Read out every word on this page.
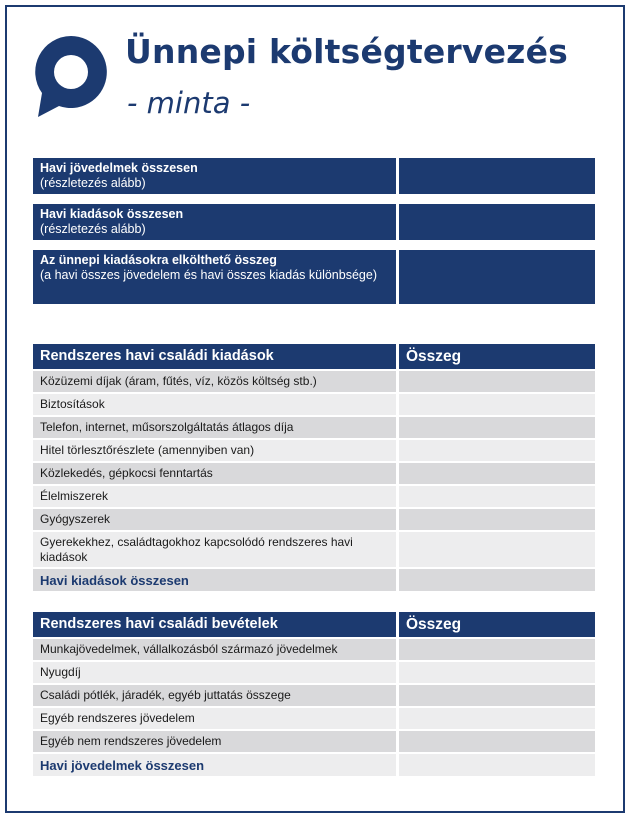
Ünnepi költségtervezés
- minta -
Havi jövedelmek összesen
(részletezés alább)
Havi kiadások összesen
(részletezés alább)
Az ünnepi kiadásokra elkölthető összeg
(a havi összes jövedelem és havi összes kiadás különbsége)
Rendszeres havi családi kiadások	Összeg
Közüzemi díjak (áram, fűtés, víz, közös költség stb.)
Biztosítások
Telefon, internet, műsorszolgáltatás átlagos díja
Hitel törlesztőrészlete (amennyiben van)
Közlekedés, gépkocsi fenntartás
Élelmiszerek
Gyógyszerek
Gyerekekhez, családtagokhoz kapcsolódó rendszeres havi kiadások
Havi kiadások összesen
Rendszeres havi családi bevételek	Összeg
Munkajövedelmek, vállalkozásból származó jövedelmek
Nyugdíj
Családi pótlék, járadék, egyéb juttatás összege
Egyéb rendszeres jövedelem
Egyéb nem rendszeres jövedelem
Havi jövedelmek összesen
